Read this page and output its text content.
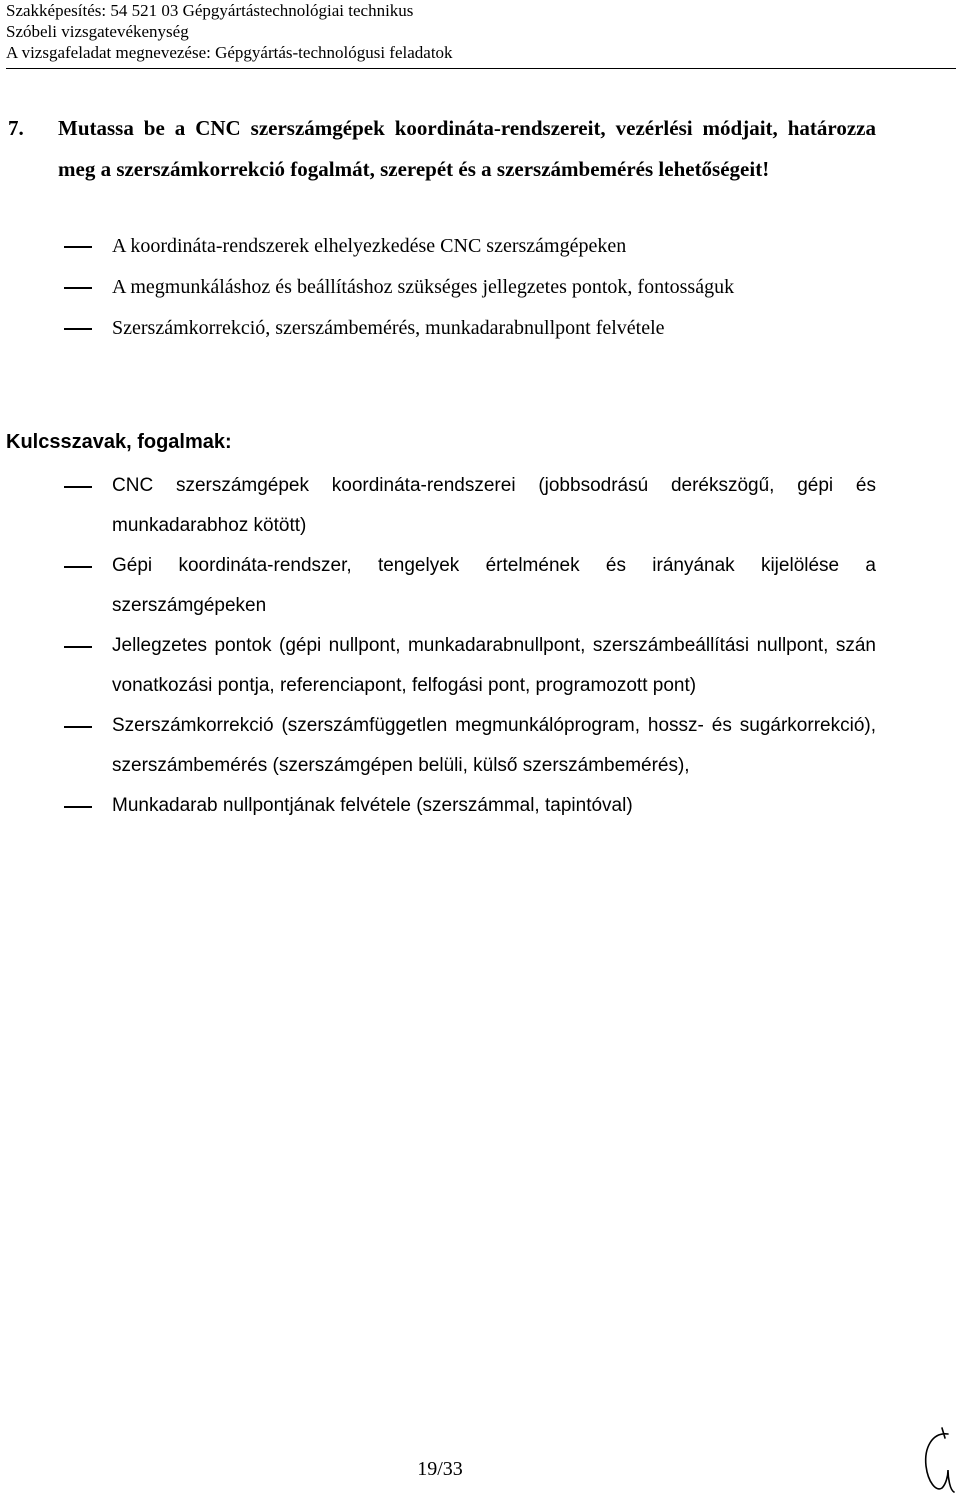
Szakképesítés: 54 521 03 Gépgyártástechnológiai technikus
Szóbeli vizsgatevékenység
A vizsgafeladat megnevezése: Gépgyártás-technológusi feladatok
7. Mutassa be a CNC szerszámgépek koordináta-rendszereit, vezérlési módjait, határozza meg a szerszámkorrekció fogalmát, szerepét és a szerszámbemérés lehetőségeit!
A koordináta-rendszerek elhelyezkedése CNC szerszámgépeken
A megmunkáláshoz és beállításhoz szükséges jellegzetes pontok, fontosságuk
Szerszámkorrekció, szerszámbemérés, munkadarabnullpont felvétele
Kulcsszavak, fogalmak:
CNC szerszámgépek koordináta-rendszerei (jobbsodrású derékszögű, gépi és munkadarabhoz kötött)
Gépi koordináta-rendszer, tengelyek értelmének és irányának kijelölése a szerszámgépeken
Jellegzetes pontok (gépi nullpont, munkadarabnullpont, szerszámbeállítási nullpont, szán vonatkozási pontja, referenciapont, felfogási pont, programozott pont)
Szerszámkorrekció (szerszámfüggetlen megmunkálóprogram, hossz- és sugárkorrekció), szerszámbemérés (szerszámgépen belüli, külső szerszámbemérés),
Munkadarab nullpontjának felvétele (szerszámmal, tapintóval)
19/33
